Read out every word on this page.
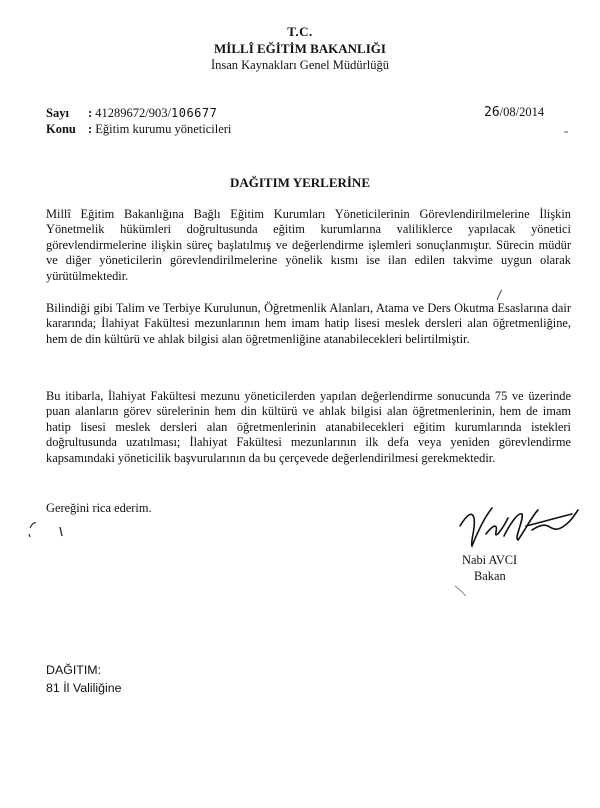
T.C.
MİLLÎ EĞİTİM BAKANLIĞI
İnsan Kaynakları Genel Müdürlüğü
Sayı : 41289672/903/106677
Konu : Eğitim kurumu yöneticileri
26/08/2014
DAĞITIM YERLERİNE

Millî Eğitim Bakanlığına Bağlı Eğitim Kurumları Yöneticilerinin Görevlendirilmelerine İlişkin Yönetmelik hükümleri doğrultusunda eğitim kurumlarına valiliklerce yapılacak yönetici görevlendirmelerine ilişkin süreç başlatılmış ve değerlendirme işlemleri sonuçlanmıştır. Sürecin müdür ve diğer yöneticilerin görevlendirilmelerine yönelik kısmı ise ilan edilen takvime uygun olarak yürütülmektedir.

Bilindiği gibi Talim ve Terbiye Kurulunun, Öğretmenlik Alanları, Atama ve Ders Okutma Esaslarına dair kararında; İlahiyat Fakültesi mezunlarının hem imam hatip lisesi meslek dersleri alan öğretmenliğine, hem de din kültürü ve ahlak bilgisi alan öğretmenliğine atanabilecekleri belirtilmiştir.

Bu itibarla, İlahiyat Fakültesi mezunu yöneticilerden yapılan değerlendirme sonucunda 75 ve üzerinde puan alanların görev sürelerinin hem din kültürü ve ahlak bilgisi alan öğretmenlerinin, hem de imam hatip lisesi meslek dersleri alan öğretmenlerinin atanabilecekleri eğitim kurumlarında istekleri doğrultusunda uzatılması; İlahiyat Fakültesi mezunlarının ilk defa veya yeniden görevlendirme kapsamındaki yöneticilik başvurularının da bu çerçevede değerlendirilmesi gerekmektedir.

Gereğini rica ederim.
Nabi AVCI
Bakan
DAĞITIM:
81 İl Valiliğine
